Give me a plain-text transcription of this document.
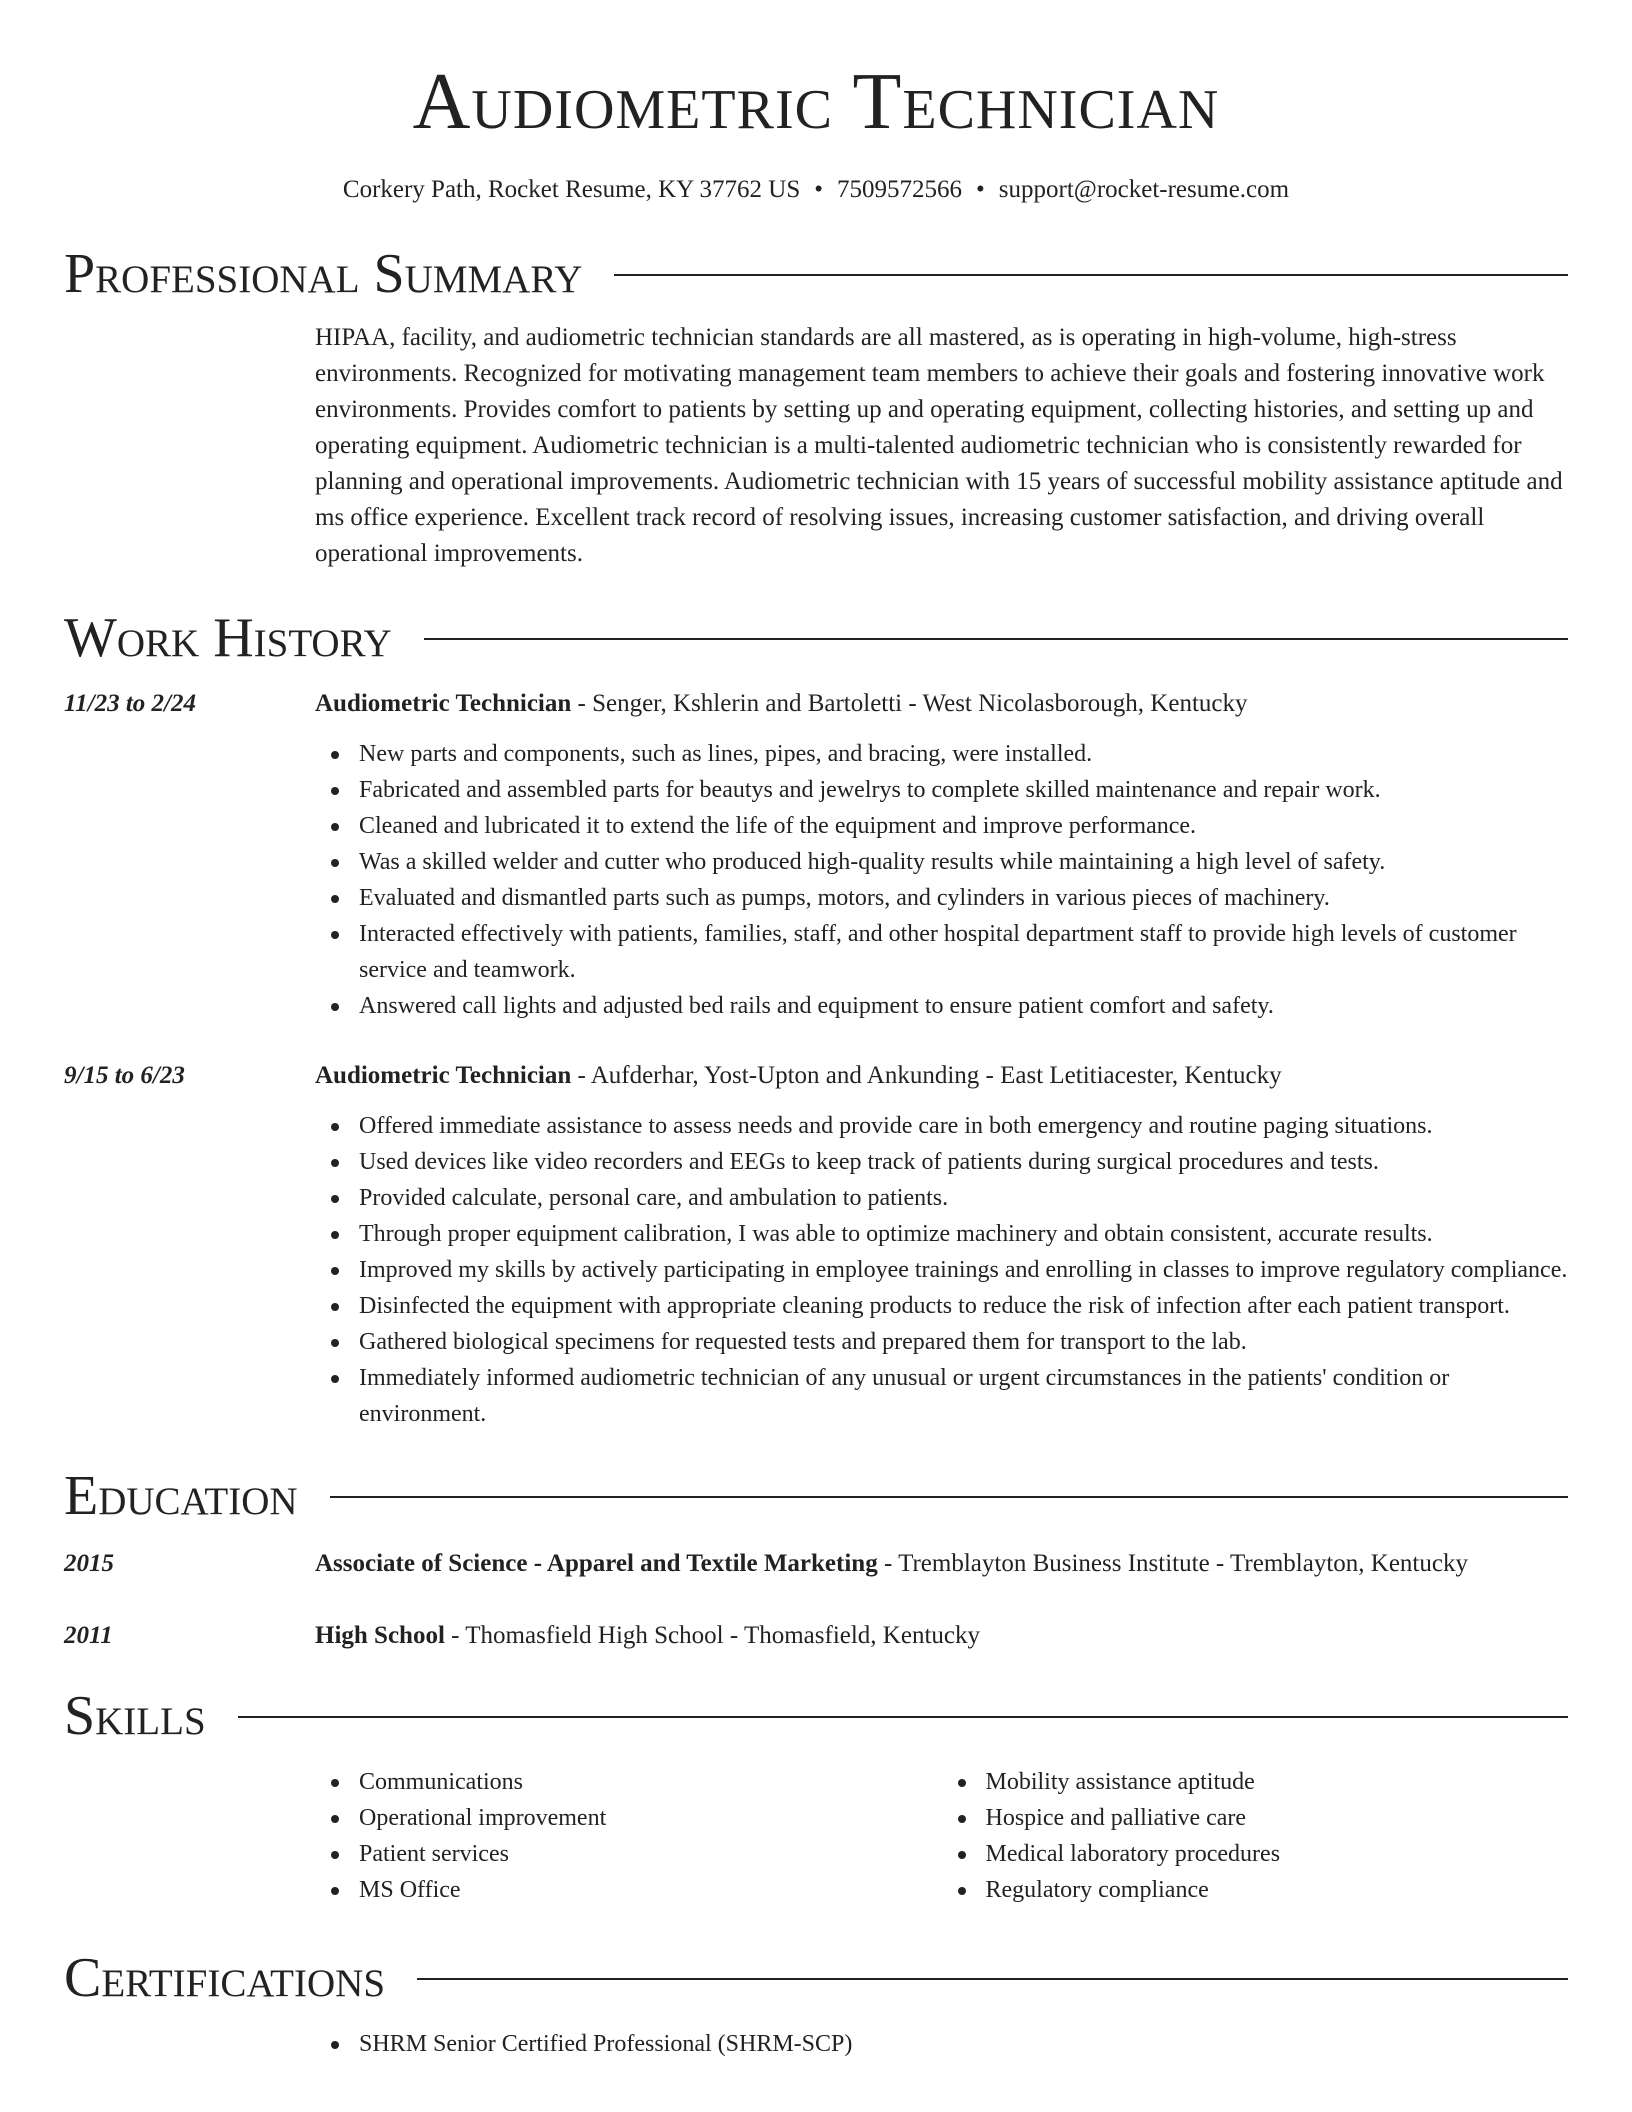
Audiometric Technician
Corkery Path, Rocket Resume, KY 37762 US • 7509572566 • support@rocket-resume.com
Professional Summary

HIPAA, facility, and audiometric technician standards are all mastered, as is operating in high-volume, high-stress environments. Recognized for motivating management team members to achieve their goals and fostering innovative work environments. Provides comfort to patients by setting up and operating equipment, collecting histories, and setting up and operating equipment. Audiometric technician is a multi-talented audiometric technician who is consistently rewarded for planning and operational improvements. Audiometric technician with 15 years of successful mobility assistance aptitude and ms office experience. Excellent track record of resolving issues, increasing customer satisfaction, and driving overall operational improvements.

Work History
11/23 to 2/24	Audiometric Technician - Senger, Kshlerin and Bartoletti - West Nicolasborough, Kentucky
New parts and components, such as lines, pipes, and bracing, were installed.
Fabricated and assembled parts for beautys and jewelrys to complete skilled maintenance and repair work.
Cleaned and lubricated it to extend the life of the equipment and improve performance.
Was a skilled welder and cutter who produced high-quality results while maintaining a high level of safety.
Evaluated and dismantled parts such as pumps, motors, and cylinders in various pieces of machinery.
Interacted effectively with patients, families, staff, and other hospital department staff to provide high levels of customer service and teamwork.
Answered call lights and adjusted bed rails and equipment to ensure patient comfort and safety.
9/15 to 6/23	Audiometric Technician - Aufderhar, Yost-Upton and Ankunding - East Letitiacester, Kentucky
Offered immediate assistance to assess needs and provide care in both emergency and routine paging situations.
Used devices like video recorders and EEGs to keep track of patients during surgical procedures and tests.
Provided calculate, personal care, and ambulation to patients.
Through proper equipment calibration, I was able to optimize machinery and obtain consistent, accurate results.
Improved my skills by actively participating in employee trainings and enrolling in classes to improve regulatory compliance.
Disinfected the equipment with appropriate cleaning products to reduce the risk of infection after each patient transport.
Gathered biological specimens for requested tests and prepared them for transport to the lab.
Immediately informed audiometric technician of any unusual or urgent circumstances in the patients' condition or environment.
Education
2015	Associate of Science - Apparel and Textile Marketing - Tremblayton Business Institute - Tremblayton, Kentucky
2011	High School - Thomasfield High School - Thomasfield, Kentucky
Skills
Communications
Operational improvement
Patient services
MS Office
Mobility assistance aptitude
Hospice and palliative care
Medical laboratory procedures
Regulatory compliance
Certifications
SHRM Senior Certified Professional (SHRM-SCP)
